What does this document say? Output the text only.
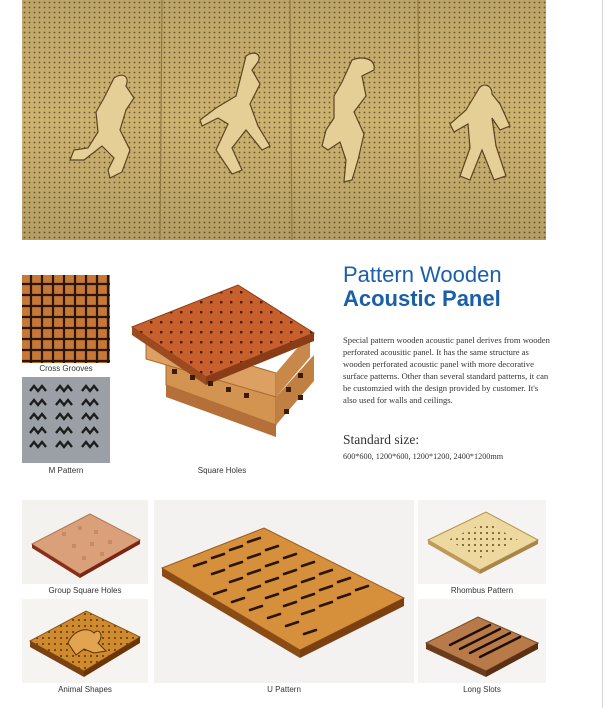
Cross Grooves
M Pattern	Square Holes
Pattern Wooden
Acoustic Panel
Special pattern wooden acoustic panel derives from wooden perforated acousitic panel. It has the same structure as wooden perforated acoustic panel with more decorative surface patterns. Other than several standard patterns, it can be customzied with the design provided by customer. It's also used for walls and ceilings.
Standard size:
600*600, 1200*600, 1200*1200, 2400*1200mm
Group Square Holes
Animal Shapes	U Pattern
Rhombus Pattern
Long Slots
